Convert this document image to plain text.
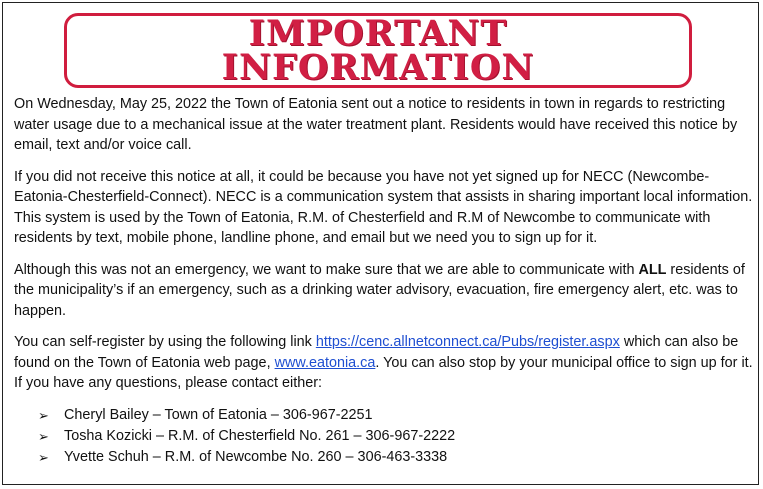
IMPORTANT
INFORMATION

On Wednesday, May 25, 2022 the Town of Eatonia sent out a notice to residents in town in regards to restricting water usage due to a mechanical issue at the water treatment plant. Residents would have received this notice by email, text and/or voice call.

If you did not receive this notice at all, it could be because you have not yet signed up for NECC (Newcombe-Eatonia-Chesterfield-Connect). NECC is a communication system that assists in sharing important local information. This system is used by the Town of Eatonia, R.M. of Chesterfield and R.M of Newcombe to communicate with residents by text, mobile phone, landline phone, and email but we need you to sign up for it.

Although this was not an emergency, we want to make sure that we are able to communicate with ALL residents of the municipality’s if an emergency, such as a drinking water advisory, evacuation, fire emergency alert, etc. was to happen.

You can self-register by using the following link https://cenc.allnetconnect.ca/Pubs/register.aspx which can also be found on the Town of Eatonia web page, www.eatonia.ca. You can also stop by your municipal office to sign up for it. If you have any questions, please contact either:

➢ Cheryl Bailey – Town of Eatonia – 306-967-2251
➢ Tosha Kozicki – R.M. of Chesterfield No. 261 – 306-967-2222
➢ Yvette Schuh – R.M. of Newcombe No. 260 – 306-463-3338
